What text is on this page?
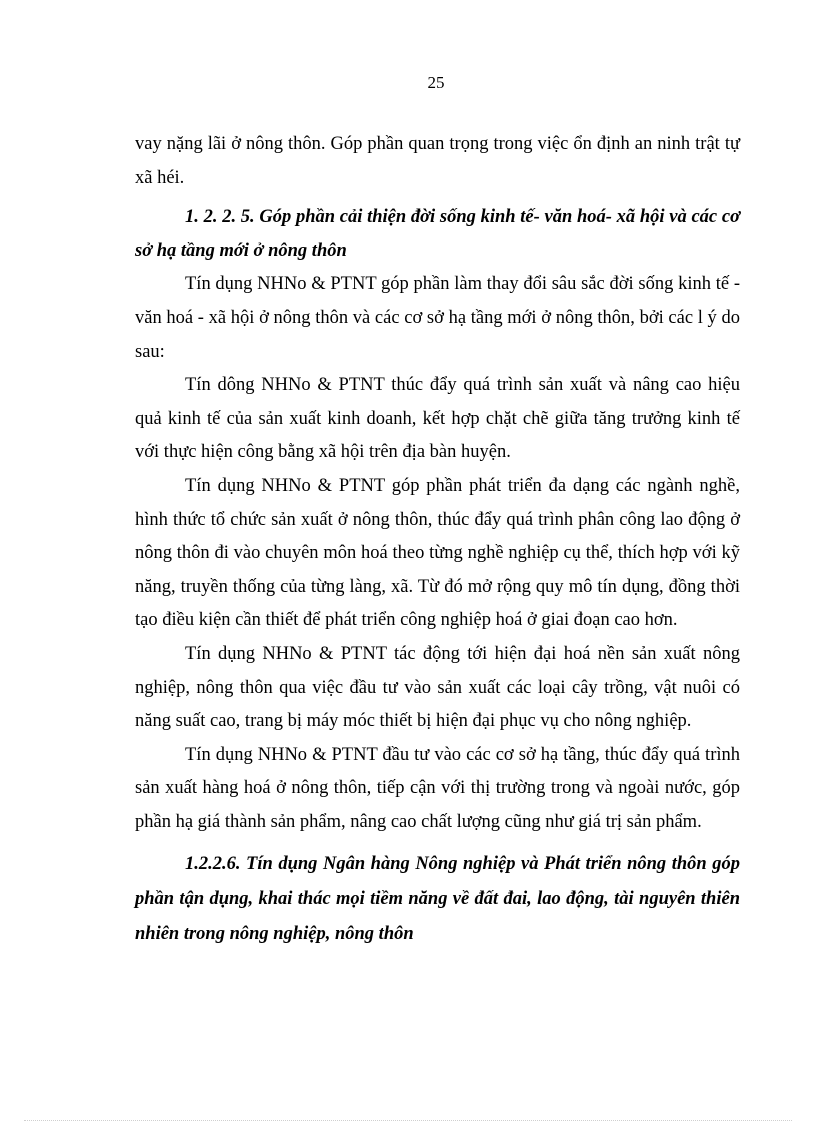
25

vay nặng lãi ở nông thôn. Góp phần quan trọng trong việc ổn định an ninh trật tự xã héi.

1. 2. 2. 5. Góp phần cải thiện đời sống kinh tế- văn hoá- xã hội và các cơ sở hạ tầng mới ở nông thôn

Tín dụng NHNo & PTNT góp phần làm thay đổi sâu sắc đời sống kinh tế - văn hoá - xã hội ở nông thôn và các cơ sở hạ tầng mới ở nông thôn, bởi các l ý do sau:

Tín dông NHNo & PTNT thúc đẩy quá trình sản xuất và nâng cao hiệu quả kinh tế của sản xuất kinh doanh, kết hợp chặt chẽ giữa tăng trưởng kinh tế với thực hiện công bằng xã hội trên địa bàn huyện.

Tín dụng NHNo & PTNT góp phần phát triển đa dạng các ngành nghề, hình thức tổ chức sản xuất ở nông thôn, thúc đẩy quá trình phân công lao động ở nông thôn đi vào chuyên môn hoá theo từng nghề nghiệp cụ thể, thích hợp với kỹ năng, truyền thống của từng làng, xã. Từ đó mở rộng quy mô tín dụng, đồng thời tạo điều kiện cần thiết để phát triển công nghiệp hoá ở giai đoạn cao hơn.

Tín dụng NHNo & PTNT tác động tới hiện đại hoá nền sản xuất nông nghiệp, nông thôn qua việc đầu tư vào sản xuất các loại cây trồng, vật nuôi có năng suất cao, trang bị máy móc thiết bị hiện đại phục vụ cho nông nghiệp.

Tín dụng NHNo & PTNT đầu tư vào các cơ sở hạ tầng, thúc đẩy quá trình sản xuất hàng hoá ở nông thôn, tiếp cận với thị trường trong và ngoài nước, góp phần hạ giá thành sản phẩm, nâng cao chất lượng cũng như giá trị sản phẩm.

1.2.2.6. Tín dụng Ngân hàng Nông nghiệp và Phát triển nông thôn góp phần tận dụng, khai thác mọi tiềm năng về đất đai, lao động, tài nguyên thiên nhiên trong nông nghiệp, nông thôn
